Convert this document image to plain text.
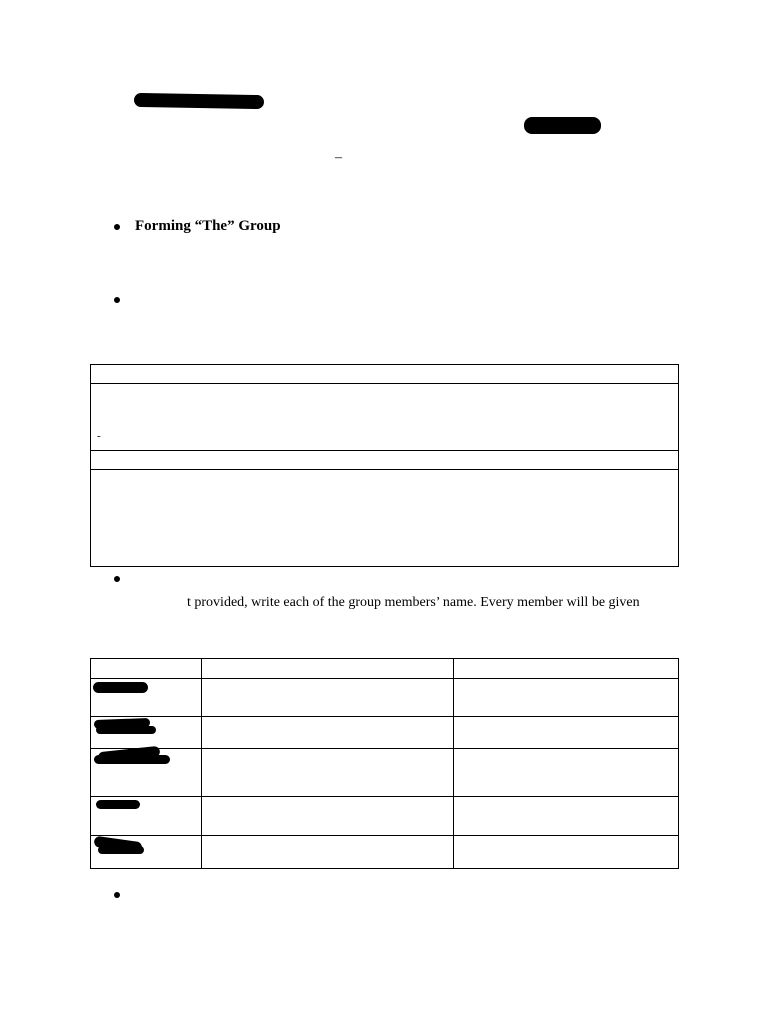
–
Forming “The” Group
-
t provided, write each of the group members’ name. Every member will be given
